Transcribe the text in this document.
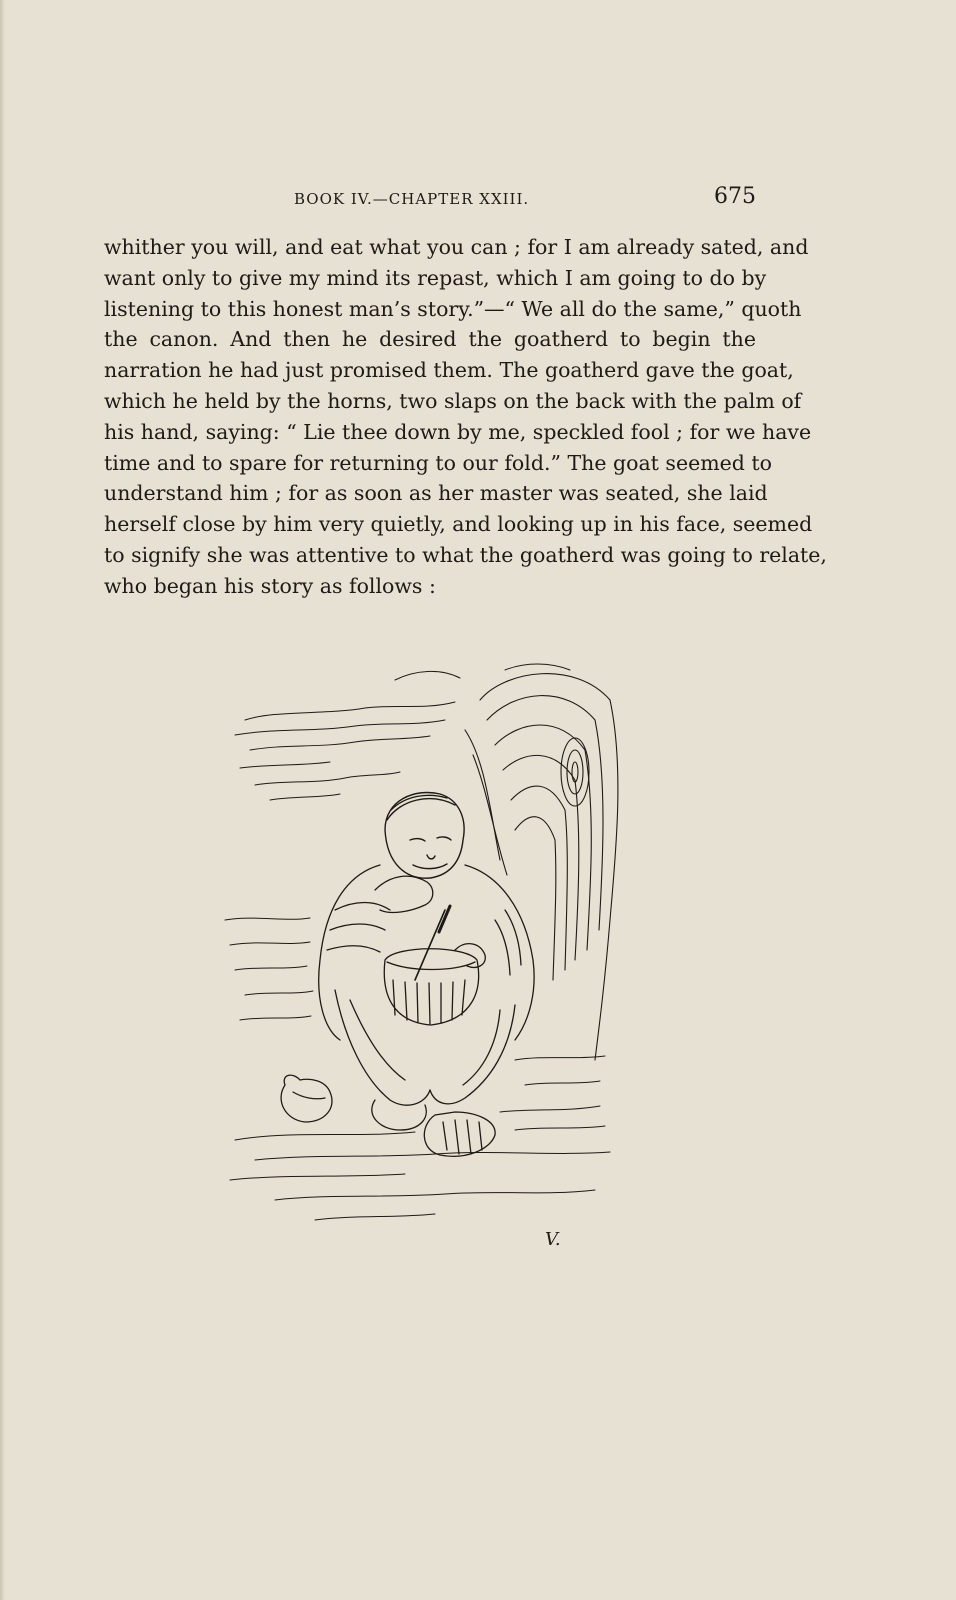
BOOK IV.—CHAPTER XXIII.	675
whither you will, and eat what you can ; for I am already sated, and
want only to give my mind its repast, which I am going to do by
listening to this honest man’s story.”—“ We all do the same,” quoth
the canon. And then he desired the goatherd to begin the
narration he had just promised them. The goatherd gave the goat,
which he held by the horns, two slaps on the back with the palm of
his hand, saying: “ Lie thee down by me, speckled fool ; for we have
time and to spare for returning to our fold.” The goat seemed to
understand him ; for as soon as her master was seated, she laid
herself close by him very quietly, and looking up in his face, seemed
to signify she was attentive to what the goatherd was going to relate,
who began his story as follows :
V.
